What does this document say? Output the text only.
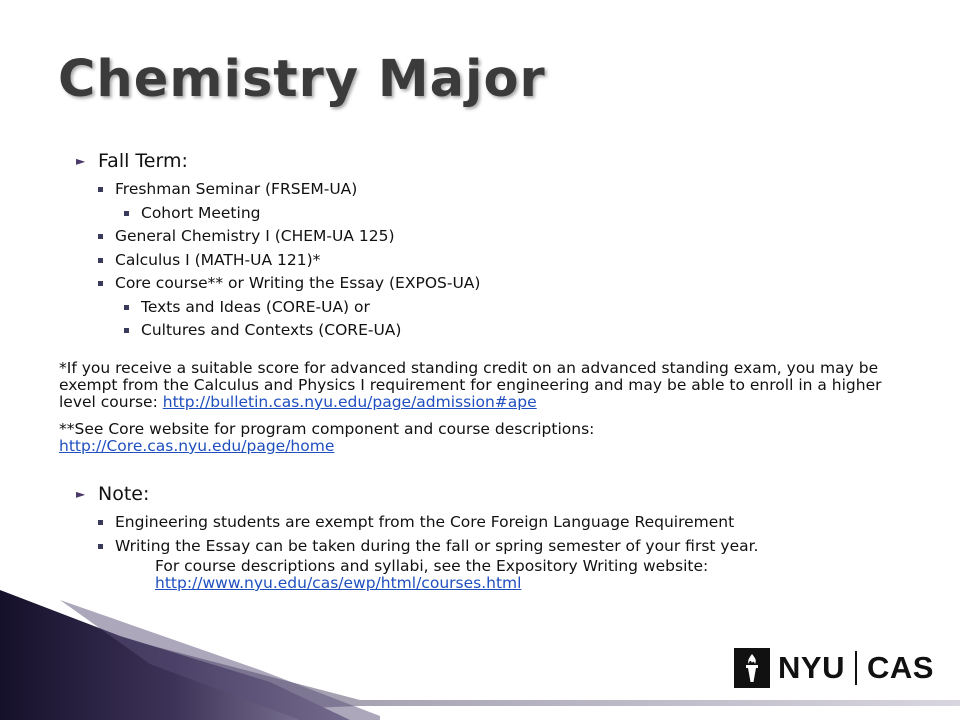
Chemistry Major
► Fall Term:
Freshman Seminar (FRSEM-UA)
Cohort Meeting
General Chemistry I (CHEM-UA 125)
Calculus I (MATH-UA 121)*
Core course** or Writing the Essay (EXPOS-UA)
Texts and Ideas (CORE-UA) or
Cultures and Contexts (CORE-UA)
*If you receive a suitable score for advanced standing credit on an advanced standing exam, you may be exempt from the Calculus and Physics I requirement for engineering and may be able to enroll in a higher level course: http://bulletin.cas.nyu.edu/page/admission#ape
**See Core website for program component and course descriptions:
http://Core.cas.nyu.edu/page/home
► Note:
Engineering students are exempt from the Core Foreign Language Requirement
Writing the Essay can be taken during the fall or spring semester of your first year.
For course descriptions and syllabi, see the Expository Writing website:
http://www.nyu.edu/cas/ewp/html/courses.html
NYU CAS
